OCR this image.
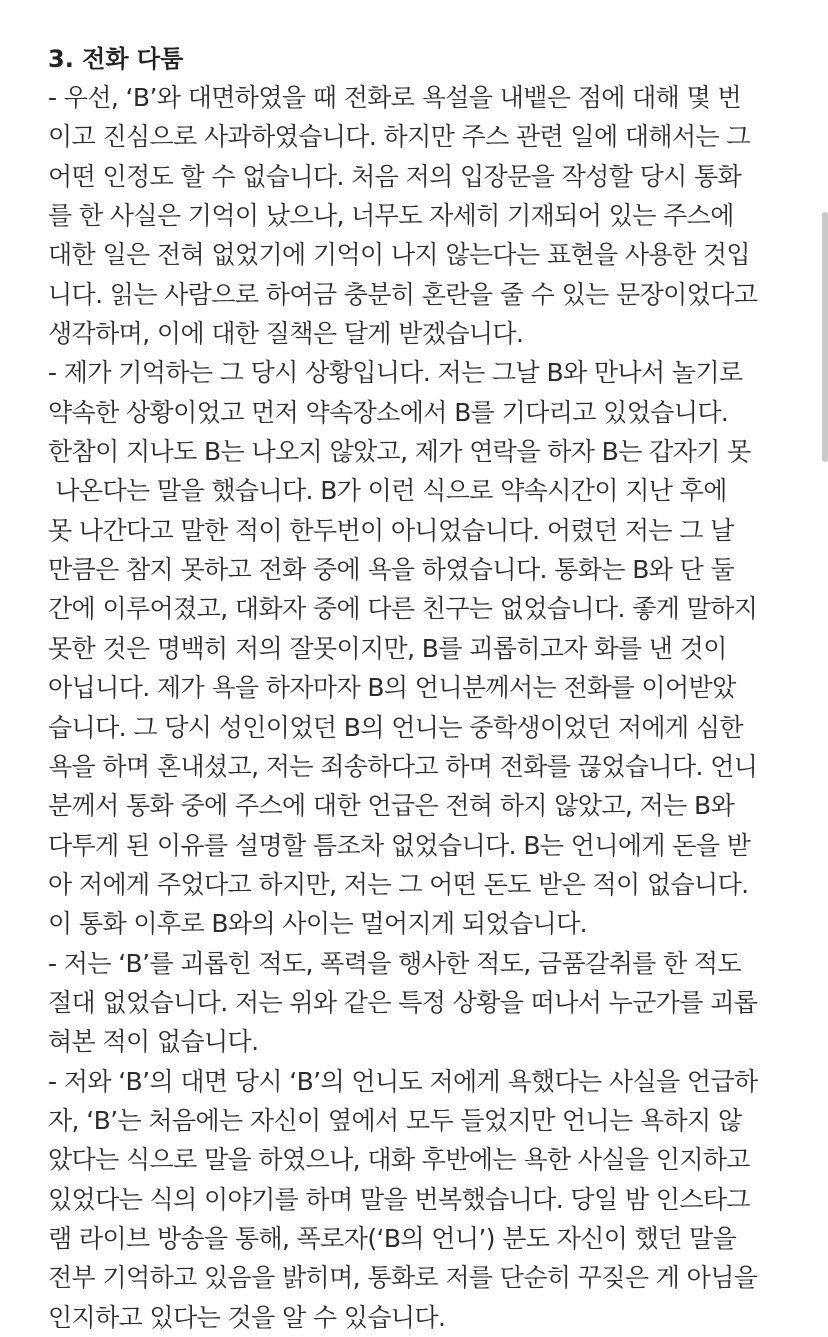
3. 전화 다툼
- 우선, ‘B’와 대면하였을 때 전화로 욕설을 내뱉은 점에 대해 몇 번
이고 진심으로 사과하였습니다. 하지만 주스 관련 일에 대해서는 그
어떤 인정도 할 수 없습니다. 처음 저의 입장문을 작성할 당시 통화
를 한 사실은 기억이 났으나, 너무도 자세히 기재되어 있는 주스에
대한 일은 전혀 없었기에 기억이 나지 않는다는 표현을 사용한 것입
니다. 읽는 사람으로 하여금 충분히 혼란을 줄 수 있는 문장이었다고
생각하며, 이에 대한 질책은 달게 받겠습니다.
- 제가 기억하는 그 당시 상황입니다. 저는 그날 B와 만나서 놀기로
약속한 상황이었고 먼저 약속장소에서 B를 기다리고 있었습니다.
한참이 지나도 B는 나오지 않았고, 제가 연락을 하자 B는 갑자기 못
나온다는 말을 했습니다. B가 이런 식으로 약속시간이 지난 후에
못 나간다고 말한 적이 한두번이 아니었습니다. 어렸던 저는 그 날
만큼은 참지 못하고 전화 중에 욕을 하였습니다. 통화는 B와 단 둘
간에 이루어졌고, 대화자 중에 다른 친구는 없었습니다. 좋게 말하지
못한 것은 명백히 저의 잘못이지만, B를 괴롭히고자 화를 낸 것이
아닙니다. 제가 욕을 하자마자 B의 언니분께서는 전화를 이어받았
습니다. 그 당시 성인이었던 B의 언니는 중학생이었던 저에게 심한
욕을 하며 혼내셨고, 저는 죄송하다고 하며 전화를 끊었습니다. 언니
분께서 통화 중에 주스에 대한 언급은 전혀 하지 않았고, 저는 B와
다투게 된 이유를 설명할 틈조차 없었습니다. B는 언니에게 돈을 받
아 저에게 주었다고 하지만, 저는 그 어떤 돈도 받은 적이 없습니다.
이 통화 이후로 B와의 사이는 멀어지게 되었습니다.
- 저는 ‘B’를 괴롭힌 적도, 폭력을 행사한 적도, 금품갈취를 한 적도
절대 없었습니다. 저는 위와 같은 특정 상황을 떠나서 누군가를 괴롭
혀본 적이 없습니다.
- 저와 ‘B’의 대면 당시 ‘B’의 언니도 저에게 욕했다는 사실을 언급하
자, ‘B’는 처음에는 자신이 옆에서 모두 들었지만 언니는 욕하지 않
았다는 식으로 말을 하였으나, 대화 후반에는 욕한 사실을 인지하고
있었다는 식의 이야기를 하며 말을 번복했습니다. 당일 밤 인스타그
램 라이브 방송을 통해, 폭로자(‘B의 언니’) 분도 자신이 했던 말을
전부 기억하고 있음을 밝히며, 통화로 저를 단순히 꾸짖은 게 아님을
인지하고 있다는 것을 알 수 있습니다.
